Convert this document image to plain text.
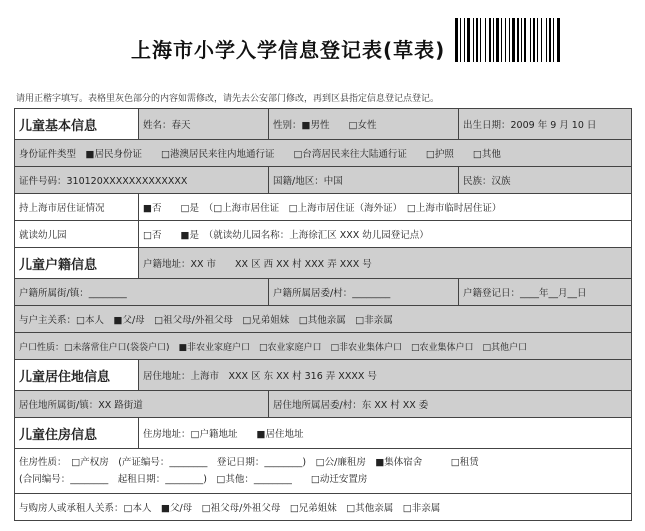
上海市小学入学信息登记表(草表)
请用正楷字填写。表格里灰色部分的内容如需修改，请先去公安部门修改，再到区县指定信息登记点登记。
儿童基本信息	姓名：春天	性别：■男性　　□女性	出生日期：2009 年 9 月 10 日
身份证件类型　■居民身份证　　□港澳居民来往内地通行证　　□台湾居民来往大陆通行证　　□护照　　□其他
证件号码：310120XXXXXXXXXXXXX	国籍/地区：中国	民族：汉族
持上海市居住证情况	■否　　□是　（□上海市居住证　□上海市居住证（海外证）　□上海市临时居住证）
就读幼儿园	□否　　■是　（就读幼儿园名称：上海徐汇区 XXX 幼儿园登记点）
儿童户籍信息	户籍地址：XX 市　　XX 区 西 XX 村 XXX 弄 XXX 号
户籍所属街/镇：________	户籍所属居委/村：________	户籍登记日：____年__月__日
与户主关系：□本人　■父/母　□祖父母/外祖父母　□兄弟姐妹　□其他亲属　□非亲属
户口性质：□未落常住户口(袋袋户口)　■非农业家庭户口　□农业家庭户口　□非农业集体户口　□农业集体户口　□其他户口
儿童居住地信息	居住地址：上海市　XXX 区 东 XX 村 316 弄 XXXX 号
居住地所属街/镇：XX 路街道	居住地所属居委/村：东 XX 村 XX 委
儿童住房信息	住房地址：□户籍地址　　■居住地址
住房性质：　□产权房　(产证编号：________　登记日期：________)　□公/廉租房　■集体宿舍　　　□租赁
(合同编号：________　起租日期：________)　□其他：________　　□动迁安置房
与购房人或承租人关系：□本人　■父/母　□祖父母/外祖父母　□兄弟姐妹　□其他亲属　□非亲属
